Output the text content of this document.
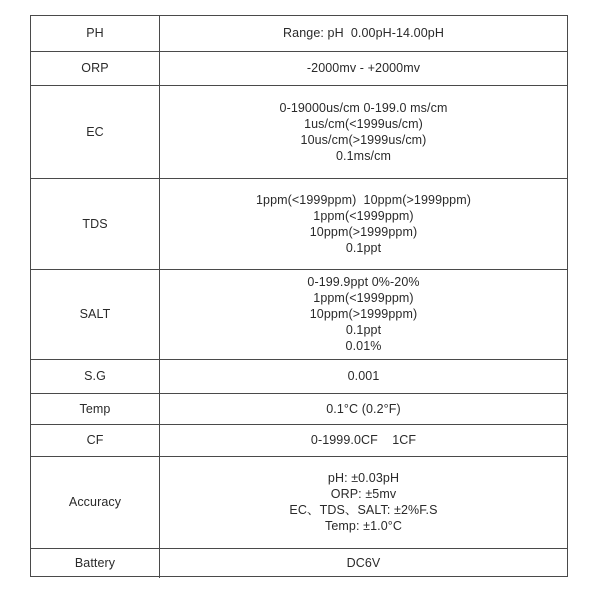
PH	Range: pH  0.00pH-14.00pH

ORP	-2000mv - +2000mv

EC	0-19000us/cm 0-199.0 ms/cm
1us/cm(<1999us/cm)
10us/cm(>1999us/cm)
0.1ms/cm

TDS	1ppm(<1999ppm)  10ppm(>1999ppm)
1ppm(<1999ppm)
10ppm(>1999ppm)
0.1ppt

SALT	0-199.9ppt 0%-20%
1ppm(<1999ppm)
10ppm(>1999ppm)
0.1ppt
0.01%

S.G	0.001

Temp	0.1°C (0.2°F)

CF	0-1999.0CF    1CF

Accuracy	pH: ±0.03pH
ORP: ±5mv
EC、TDS、SALT: ±2%F.S
Temp: ±1.0°C

Battery	DC6V
